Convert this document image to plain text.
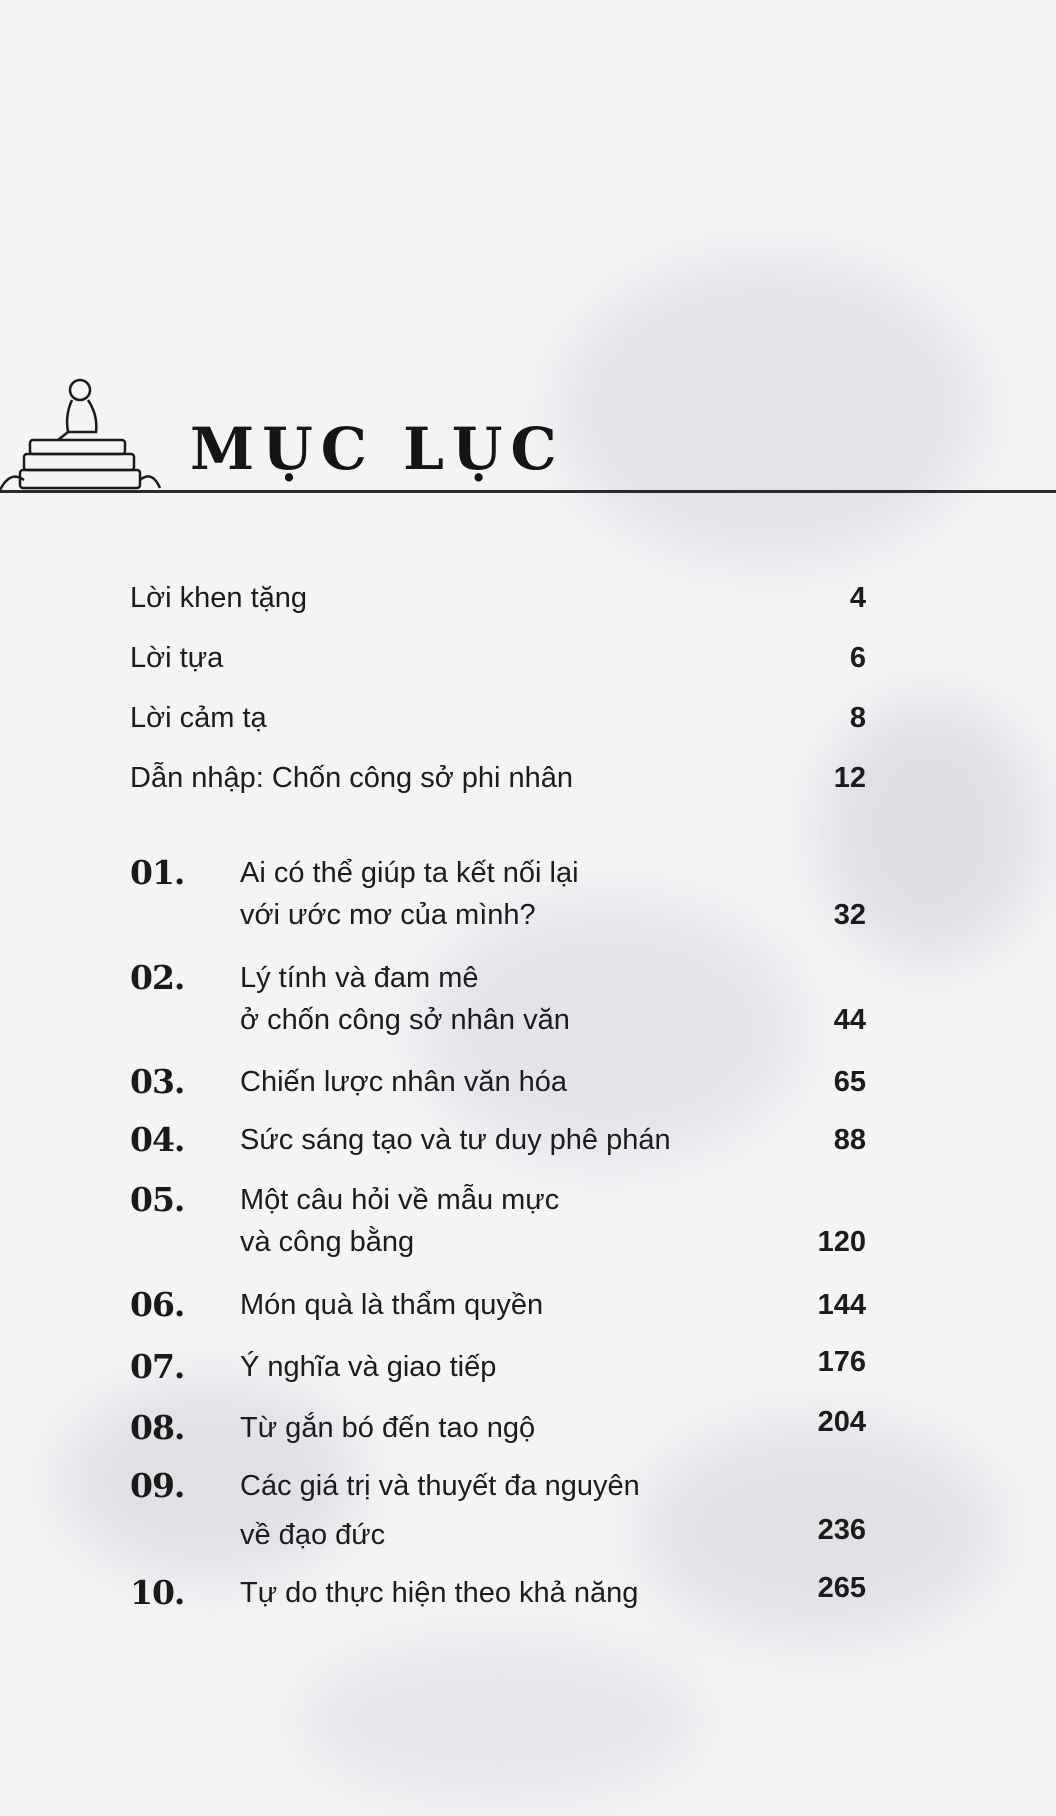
MỤC LỤC
Lời khen tặng	4
Lời tựa	6
Lời cảm tạ	8
Dẫn nhập: Chốn công sở phi nhân	12
01. Ai có thể giúp ta kết nối lại
với ước mơ của mình?	32
02. Lý tính và đam mê
ở chốn công sở nhân văn	44
03. Chiến lược nhân văn hóa	65
04. Sức sáng tạo và tư duy phê phán	88
05. Một câu hỏi về mẫu mực
và công bằng	120
06. Món quà là thẩm quyền	144
07. Ý nghĩa và giao tiếp	176
08. Từ gắn bó đến tao ngộ	204
09. Các giá trị và thuyết đa nguyên
về đạo đức	236
10. Tự do thực hiện theo khả năng	265
